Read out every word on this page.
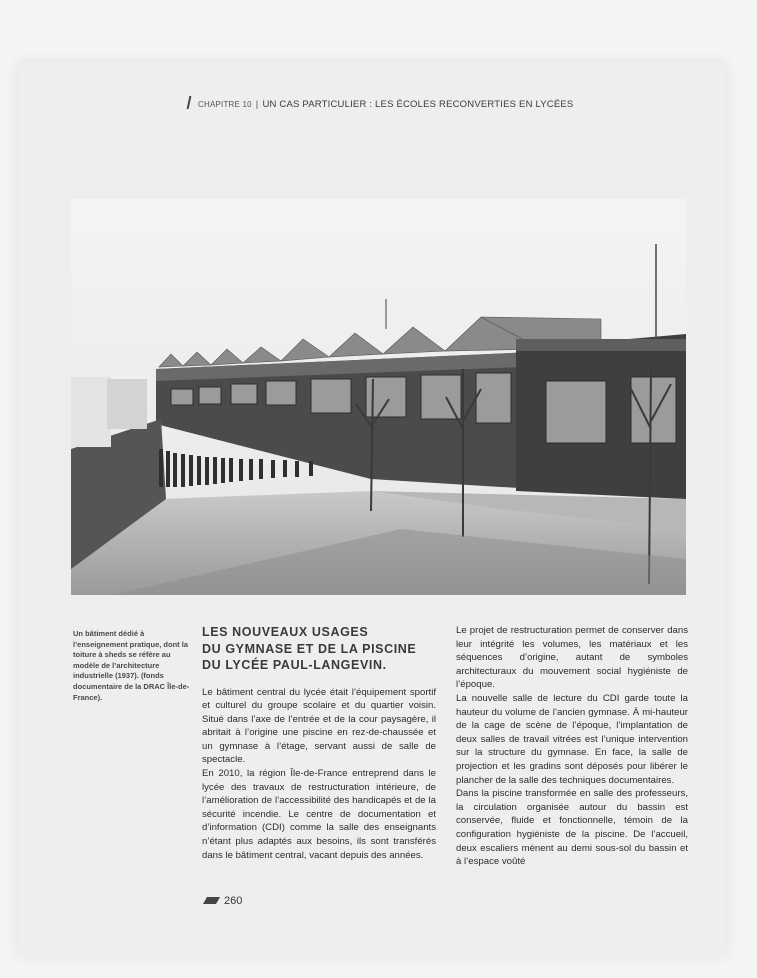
CHAPITRE 10 | UN CAS PARTICULIER : LES ÉCOLES RECONVERTIES EN LYCÉES
Un bâtiment dédié à l’enseignement pratique, dont la toiture à sheds se réfère au modèle de l’architecture industrielle (1937). (fonds documentaire de la DRAC Île-de-France).
LES NOUVEAUX USAGES
DU GYMNASE ET DE LA PISCINE
DU LYCÉE PAUL-LANGEVIN.

Le bâtiment central du lycée était l’équipement sportif et culturel du groupe scolaire et du quartier voisin. Situé dans l’axe de l’entrée et de la cour paysagère, il abritait à l’origine une piscine en rez-de-chaussée et un gymnase à l’étage, servant aussi de salle de spectacle.

En 2010, la région Île-de-France entreprend dans le lycée des travaux de restructuration intérieure, de l’amélioration de l’accessibilité des handicapés et de la sécurité incendie. Le centre de documentation et d’information (CDI) comme la salle des enseignants n’étant plus adaptés aux besoins, ils sont transférés dans le bâtiment central, vacant depuis des années.

Le projet de restructuration permet de conserver dans leur intégrité les volumes, les matériaux et les séquences d’origine, autant de symboles architecturaux du mouvement social hygiéniste de l’époque.

La nouvelle salle de lecture du CDI garde toute la hauteur du volume de l’ancien gymnase. À mi-hauteur de la cage de scène de l’époque, l’implantation de deux salles de travail vitrées est l’unique intervention sur la structure du gymnase. En face, la salle de projection et les gradins sont déposés pour libérer le plancher de la salle des techniques documentaires.

Dans la piscine transformée en salle des professeurs, la circulation organisée autour du bassin est conservée, fluide et fonctionnelle, témoin de la configuration hygiéniste de la piscine. De l’accueil, deux escaliers mènent au demi sous-sol du bassin et à l’espace voûté

260
